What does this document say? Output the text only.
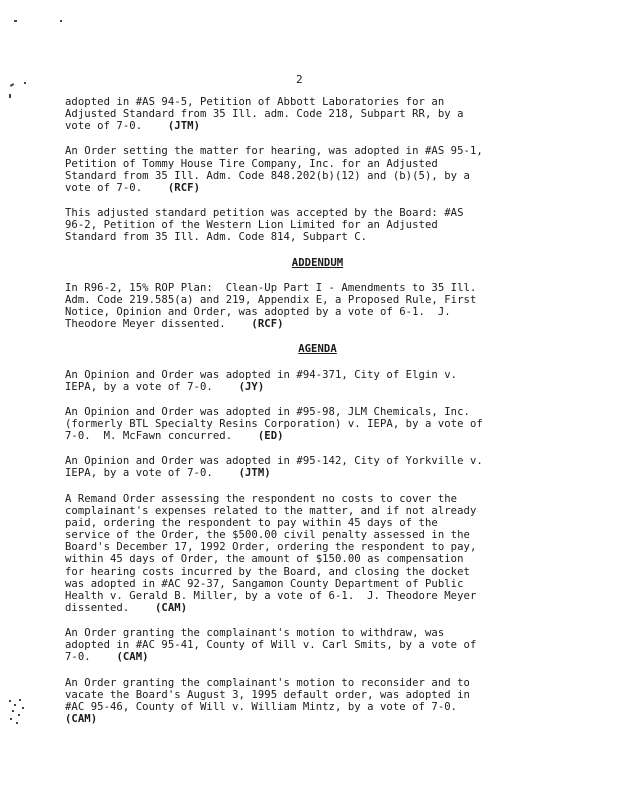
2
adopted in #AS 94-5, Petition of Abbott Laboratories for an
Adjusted Standard from 35 Ill. adm. Code 218, Subpart RR, by a
vote of 7-0.    (JTM)
An Order setting the matter for hearing, was adopted in #AS 95-1,
Petition of Tommy House Tire Company, Inc. for an Adjusted
Standard from 35 Ill. Adm. Code 848.202(b)(12) and (b)(5), by a
vote of 7-0.    (RCF)
This adjusted standard petition was accepted by the Board: #AS
96-2, Petition of the Western Lion Limited for an Adjusted
Standard from 35 Ill. Adm. Code 814, Subpart C.
ADDENDUM
In R96-2, 15% ROP Plan:  Clean-Up Part I - Amendments to 35 Ill.
Adm. Code 219.585(a) and 219, Appendix E, a Proposed Rule, First
Notice, Opinion and Order, was adopted by a vote of 6-1.  J.
Theodore Meyer dissented.    (RCF)
AGENDA
An Opinion and Order was adopted in #94-371, City of Elgin v.
IEPA, by a vote of 7-0.    (JY)
An Opinion and Order was adopted in #95-98, JLM Chemicals, Inc.
(formerly BTL Specialty Resins Corporation) v. IEPA, by a vote of
7-0.  M. McFawn concurred.    (ED)
An Opinion and Order was adopted in #95-142, City of Yorkville v.
IEPA, by a vote of 7-0.    (JTM)
A Remand Order assessing the respondent no costs to cover the
complainant's expenses related to the matter, and if not already
paid, ordering the respondent to pay within 45 days of the
service of the Order, the $500.00 civil penalty assessed in the
Board's December 17, 1992 Order, ordering the respondent to pay,
within 45 days of Order, the amount of $150.00 as compensation
for hearing costs incurred by the Board, and closing the docket
was adopted in #AC 92-37, Sangamon County Department of Public
Health v. Gerald B. Miller, by a vote of 6-1.  J. Theodore Meyer
dissented.    (CAM)
An Order granting the complainant's motion to withdraw, was
adopted in #AC 95-41, County of Will v. Carl Smits, by a vote of
7-0.    (CAM)
An Order granting the complainant's motion to reconsider and to
vacate the Board's August 3, 1995 default order, was adopted in
#AC 95-46, County of Will v. William Mintz, by a vote of 7-0.
(CAM)
